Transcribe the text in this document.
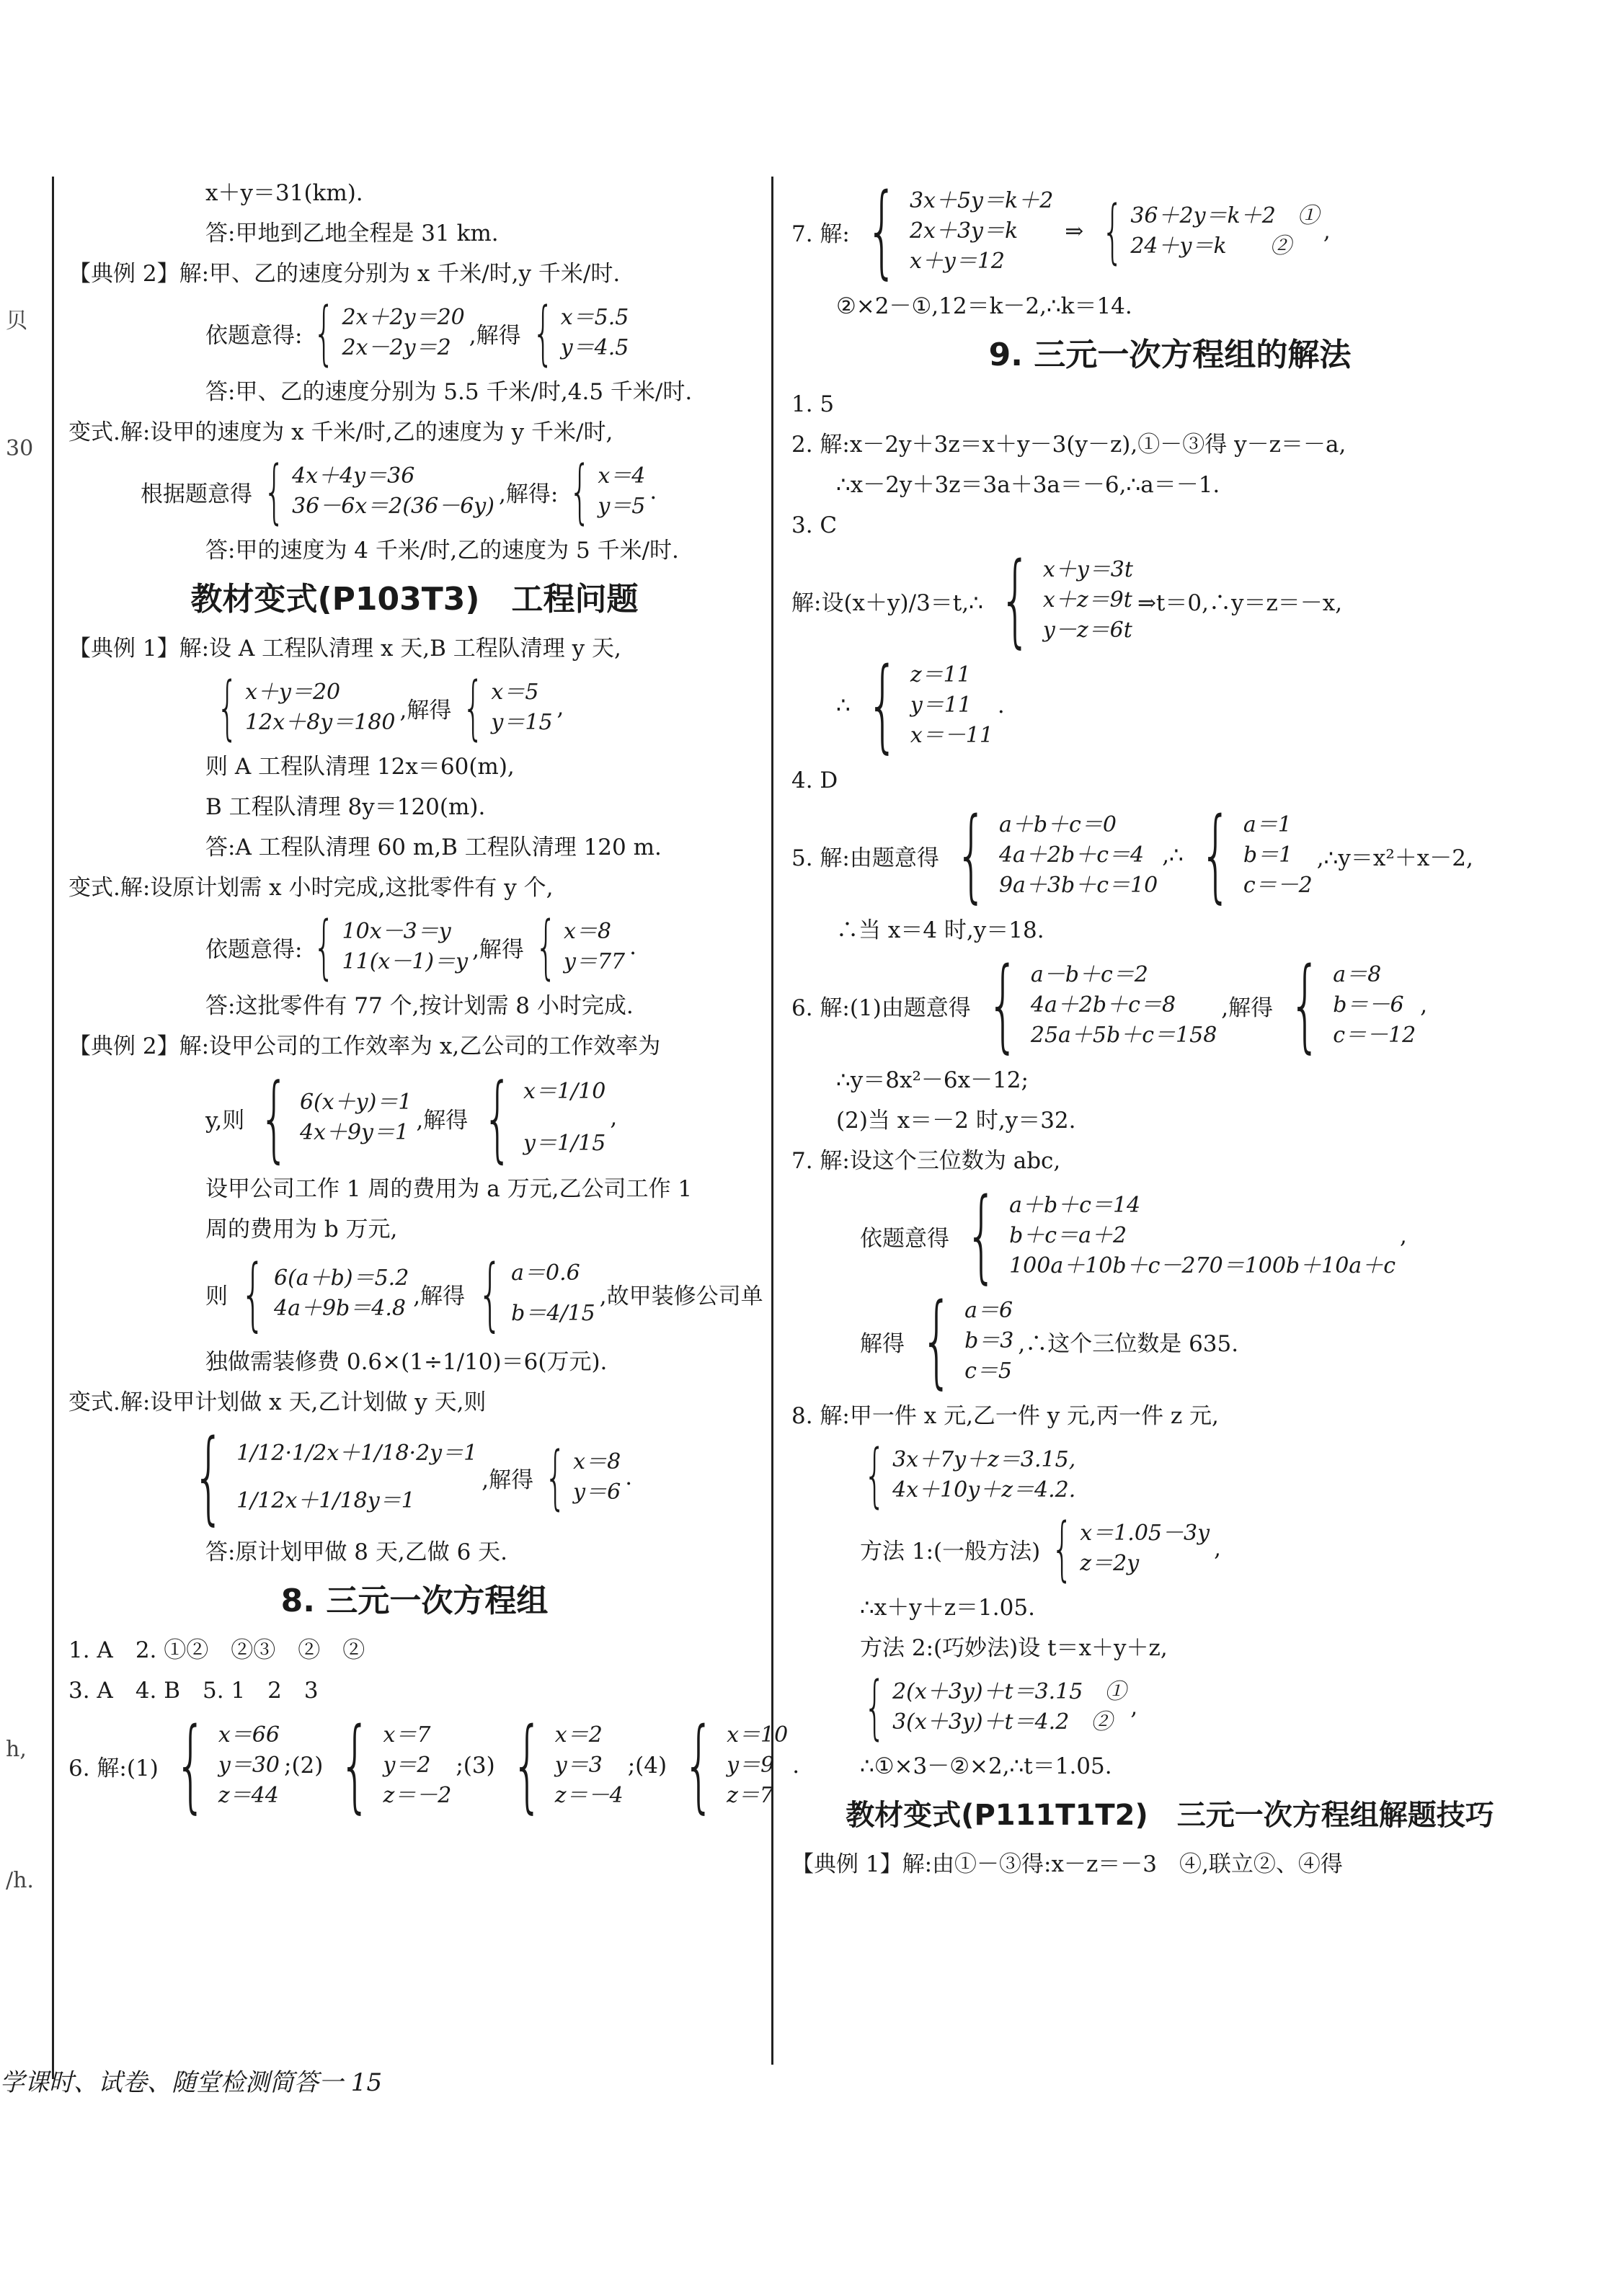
贝
30
h,
/h.
x＋y＝31(km).
答:甲地到乙地全程是 31 km.
【典例 2】解:甲、乙的速度分别为 x 千米/时,y 千米/时.
依题意得: { 2x＋2y＝20
2x－2y＝2 ,解得 { x＝5.5
y＝4.5
答:甲、乙的速度分别为 5.5 千米/时,4.5 千米/时.
变式.解:设甲的速度为 x 千米/时,乙的速度为 y 千米/时,
根据题意得 { 4x＋4y＝36
36－6x＝2(36－6y) ,解得: { x＝4
y＝5
.
答:甲的速度为 4 千米/时,乙的速度为 5 千米/时.
教材变式(P103T3)　工程问题
【典例 1】解:设 A 工程队清理 x 天,B 工程队清理 y 天,
{ x＋y＝20
12x＋8y＝180 ,解得 { x＝5
y＝15
,
则 A 工程队清理 12x＝60(m),
B 工程队清理 8y＝120(m).
答:A 工程队清理 60 m,B 工程队清理 120 m.
变式.解:设原计划需 x 小时完成,这批零件有 y 个,
依题意得: { 10x－3＝y
11(x－1)＝y ,解得 { x＝8
y＝77
.
答:这批零件有 77 个,按计划需 8 小时完成.
【典例 2】解:设甲公司的工作效率为 x,乙公司的工作效率为
y,则 { 6(x＋y)＝1
4x＋9y＝1 ,解得 { x＝1/10
y＝1/15
,
设甲公司工作 1 周的费用为 a 万元,乙公司工作 1
周的费用为 b 万元,
则 { 6(a＋b)＝5.2
4a＋9b＝4.8 ,解得 { a＝0.6
b＝4/15
,故甲装修公司单
独做需装修费 0.6×(1÷1/10)＝6(万元).
变式.解:设甲计划做 x 天,乙计划做 y 天,则
{ 1/12·1/2x＋1/18·2y＝1
1/12x＋1/18y＝1
,解得 { x＝8
y＝6
.
答:原计划甲做 8 天,乙做 6 天.
8. 三元一次方程组
1. A　2. ①②　②③　②　②
3. A　4. B　5. 1　2　3
6. 解:(1) { x＝66
y＝30
z＝44
;(2) { x＝7
y＝2
z＝－2
;(3) { x＝2
y＝3
z＝－4
;(4) { x＝10
y＝9
z＝7
.
7. 解: { 3x＋5y＝k＋2
2x＋3y＝k
x＋y＝12
⇒ { 36＋2y＝k＋2　①
24＋y＝k　　②
,
②×2－①,12＝k－2,∴k＝14.
9. 三元一次方程组的解法
1. 5
2. 解:x－2y＋3z＝x＋y－3(y－z),①－③得 y－z＝－a,
∴x－2y＋3z＝3a＋3a＝－6,∴a＝－1.
3. C
解:设(x＋y)/3＝t,∴ { x＋y＝3t
x＋z＝9t
y－z＝6t
⇒t＝0,∴y＝z＝－x,
∴ { z＝11
y＝11
x＝－11
.
4. D
5. 解:由题意得 { a＋b＋c＝0
4a＋2b＋c＝4
9a＋3b＋c＝10
,∴ { a＝1
b＝1
c＝－2
,∴y＝x²＋x－2,
∴当 x＝4 时,y＝18.
6. 解:(1)由题意得 { a－b＋c＝2
4a＋2b＋c＝8
25a＋5b＋c＝158
,解得 { a＝8
b＝－6
c＝－12
,
∴y＝8x²－6x－12;
(2)当 x＝－2 时,y＝32.
7. 解:设这个三位数为 abc,
依题意得 { a＋b＋c＝14
b＋c＝a＋2
100a＋10b＋c－270＝100b＋10a＋c
,
解得 { a＝6
b＝3
c＝5
,∴这个三位数是 635.
8. 解:甲一件 x 元,乙一件 y 元,丙一件 z 元,
{ 3x＋7y＋z＝3.15,
4x＋10y＋z＝4.2.
方法 1:(一般方法) { x＝1.05－3y
z＝2y
,
∴x＋y＋z＝1.05.
方法 2:(巧妙法)设 t＝x＋y＋z,
{ 2(x＋3y)＋t＝3.15　①
3(x＋3y)＋t＝4.2　②
,
∴①×3－②×2,∴t＝1.05.
教材变式(P111T1T2)　三元一次方程组解题技巧
【典例 1】解:由①－③得:x－z＝－3　④,联立②、④得
学课时、试卷、随堂检测简答一 15
